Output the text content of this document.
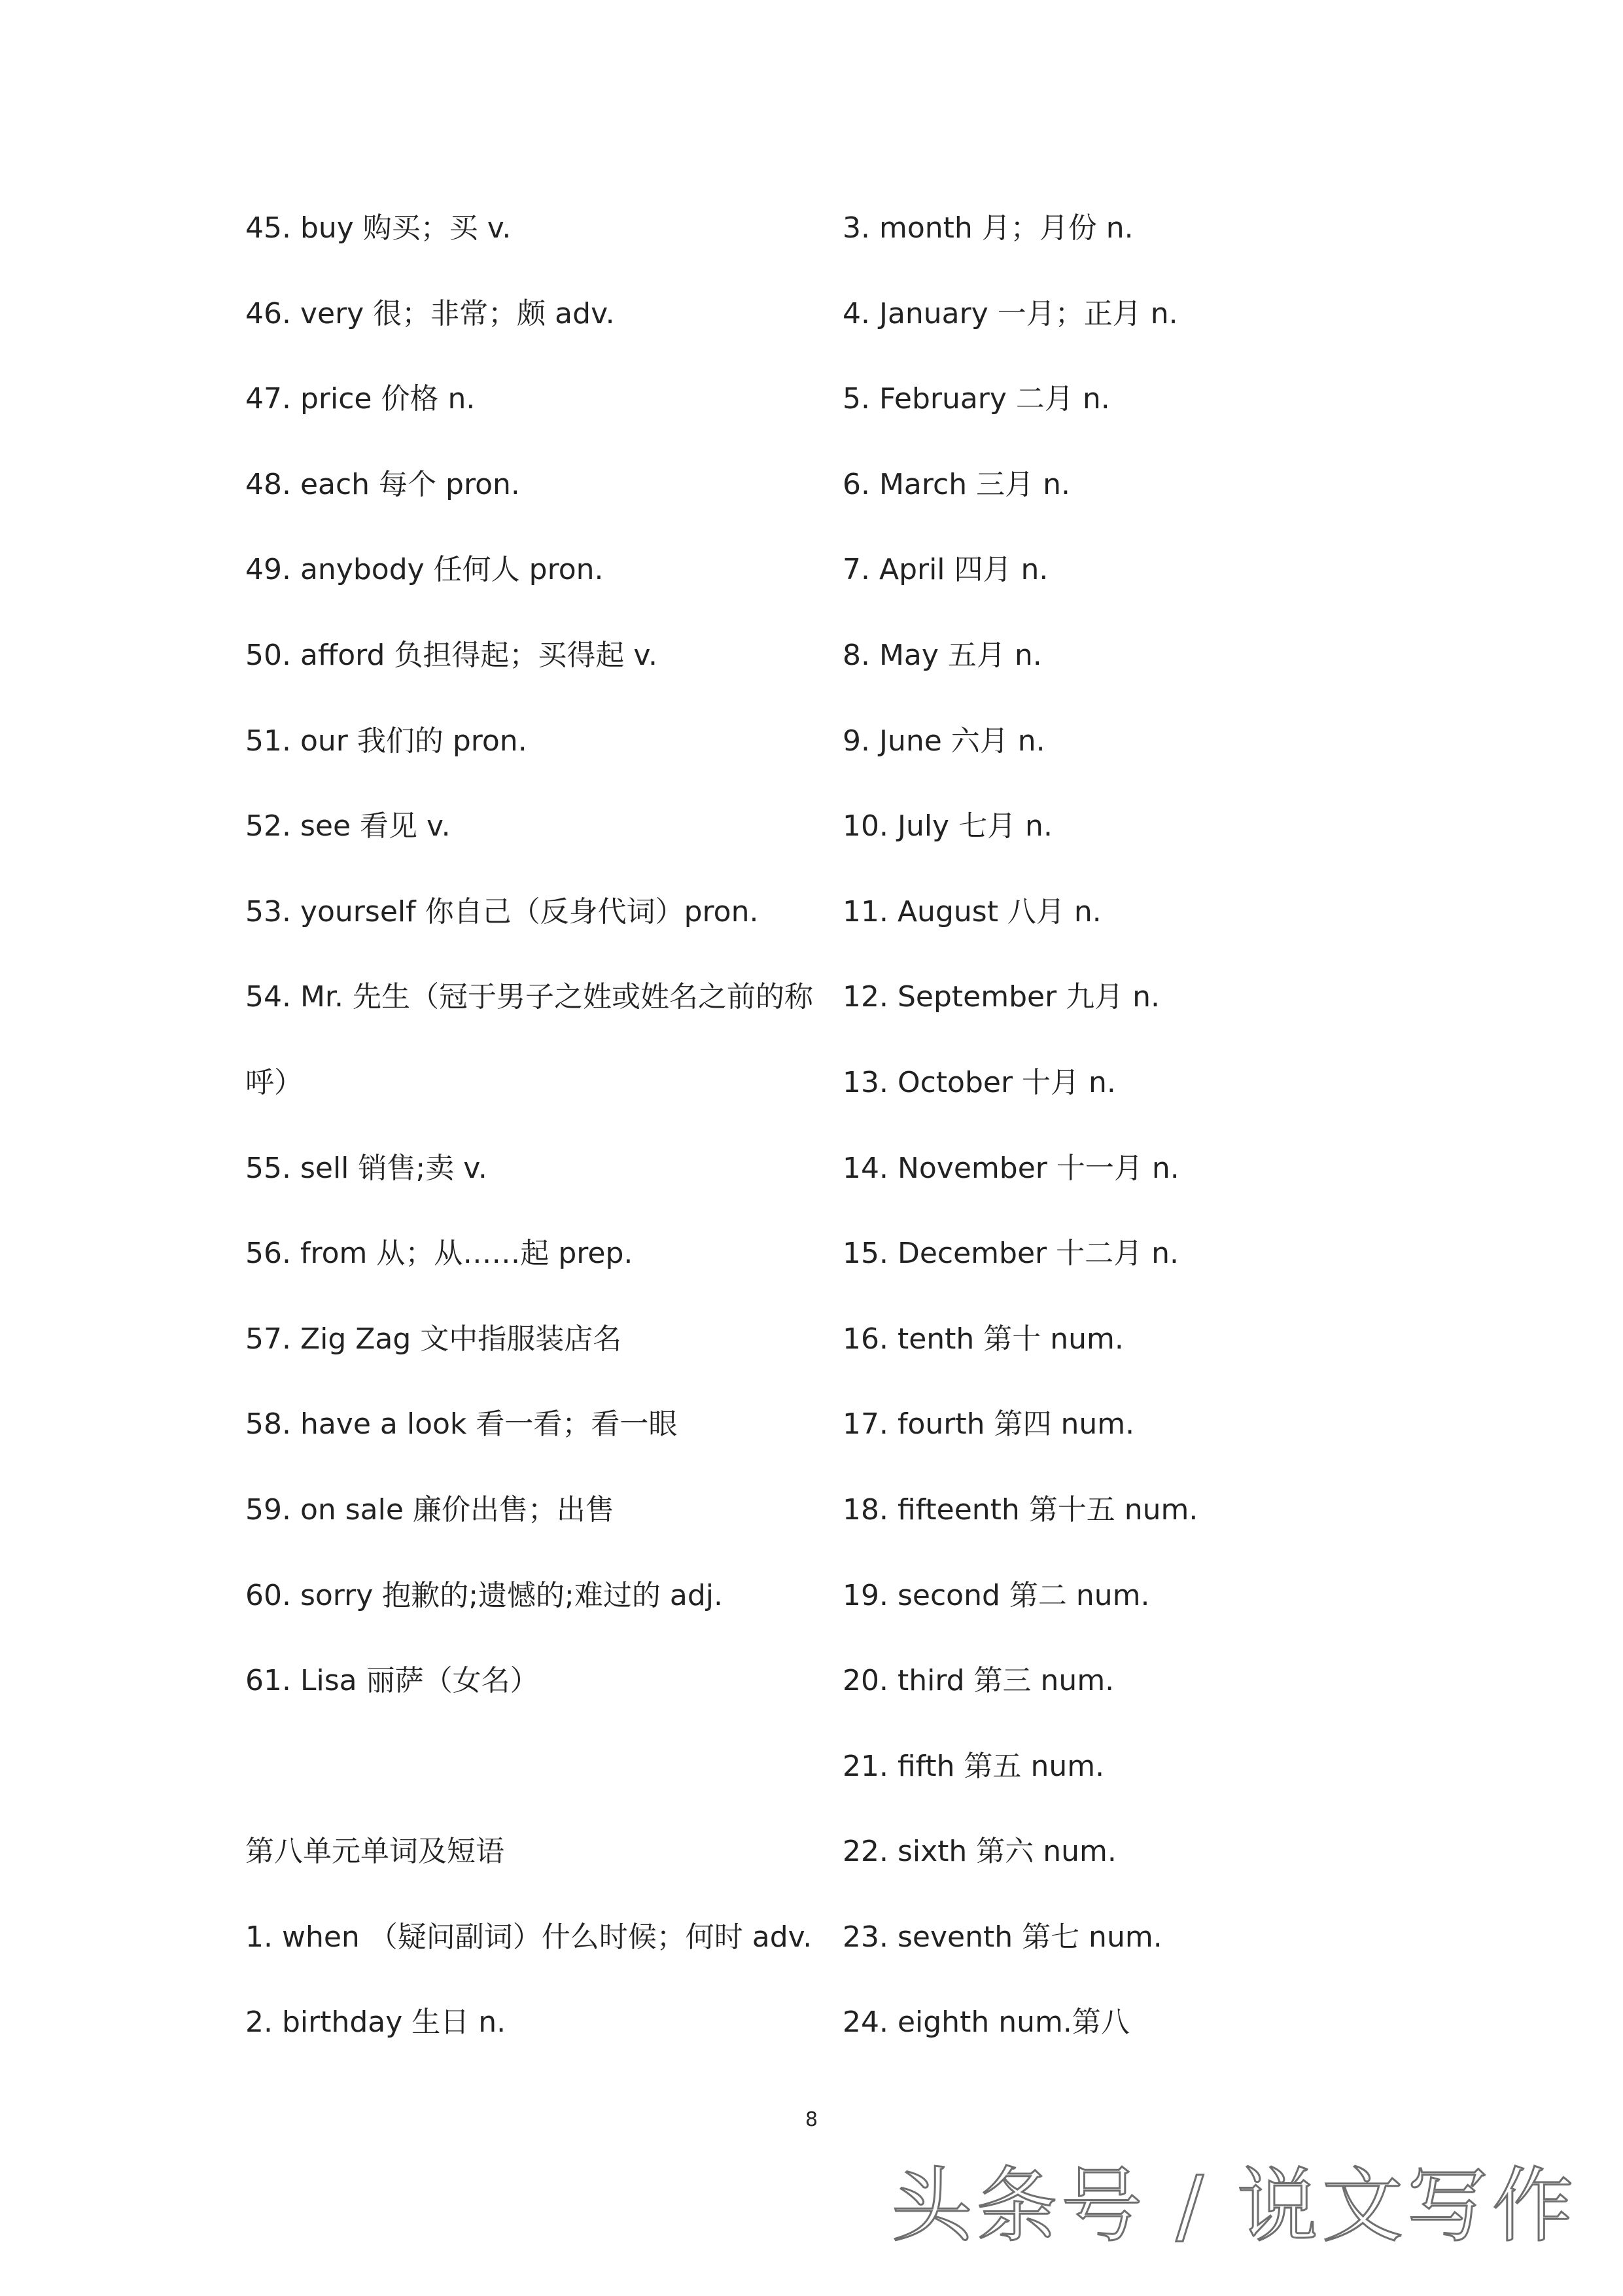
45. buy 购买；买 v.
46. very 很；非常；颇 adv.
47. price 价格 n.
48. each 每个 pron.
49. anybody 任何人 pron.
50. afford 负担得起；买得起 v.
51. our 我们的 pron.
52. see 看见 v.
53. yourself 你自己（反身代词）pron.
54. Mr. 先生（冠于男子之姓或姓名之前的称
呼）
55. sell 销售;卖 v.
56. from 从；从……起 prep.
57. Zig Zag 文中指服装店名
58. have a look 看一看；看一眼
59. on sale 廉价出售；出售
60. sorry 抱歉的;遗憾的;难过的 adj.
61. Lisa 丽萨（女名）
第八单元单词及短语
1. when （疑问副词）什么时候；何时 adv.
2. birthday 生日 n.
3. month 月；月份 n.
4. January 一月；正月 n.
5. February 二月 n.
6. March 三月 n.
7. April 四月 n.
8. May 五月 n.
9. June 六月 n.
10. July 七月 n.
11. August 八月 n.
12. September 九月 n.
13. October 十月 n.
14. November 十一月 n.
15. December 十二月 n.
16. tenth 第十 num.
17. fourth 第四 num.
18. fifteenth 第十五 num.
19. second 第二 num.
20. third 第三 num.
21. fifth 第五 num.
22. sixth 第六 num.
23. seventh 第七 num.
24. eighth num.第八
8
头条号 / 说文写作
